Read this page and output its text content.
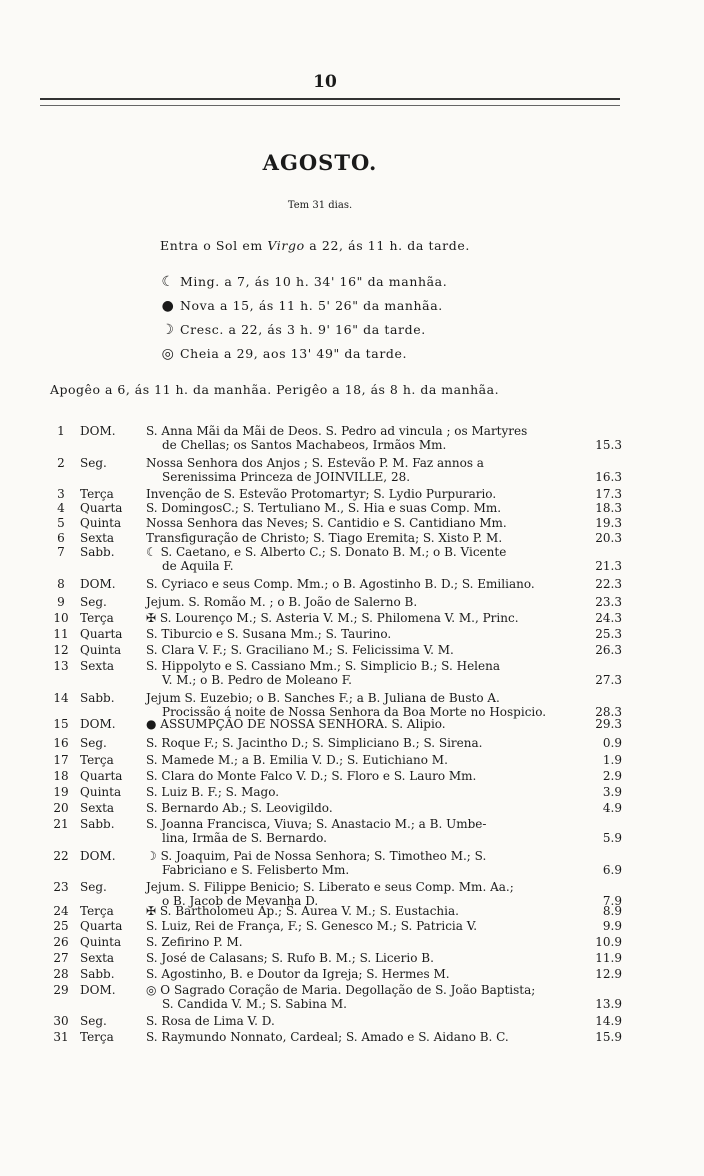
10
AGOSTO.
Tem 31 dias.
Entra o Sol em Virgo a 22, ás 11 h. da tarde.
☾ Ming. a 7, ás 10 h. 34' 16" da manhãa.
● Nova a 15, ás 11 h. 5' 26" da manhãa.
☽ Cresc. a 22, ás 3 h. 9' 16" da tarde.
◎ Cheia a 29, aos 13' 49" da tarde.
Apogêo a 6, ás 11 h. da manhãa. Perigêo a 18, ás 8 h. da manhãa.
1	DOM.	S. Anna Mãi da Mãi de Deos. S. Pedro ad vincula ; os Martyres
de Chellas; os Santos Machabeos, Irmãos Mm.	15.3
2	Seg.	Nossa Senhora dos Anjos ; S. Estevão P. M. Faz annos a
Serenissima Princeza de JOINVILLE, 28.	16.3
3	Terça	Invenção de S. Estevão Protomartyr; S. Lydio Purpurario.	17.3
4	Quarta	S. DomingosC.; S. Tertuliano M., S. Hia e suas Comp. Mm.	18.3
5	Quinta	Nossa Senhora das Neves; S. Cantidio e S. Cantidiano Mm.	19.3
6	Sexta	Transfiguração de Christo; S. Tiago Eremita; S. Xisto P. M.	20.3
7	Sabb.	☾ S. Caetano, e S. Alberto C.; S. Donato B. M.; o B. Vicente
de Aquila F.	21.3
8	DOM.	S. Cyriaco e seus Comp. Mm.; o B. Agostinho B. D.; S. Emiliano.	22.3
9	Seg.	Jejum. S. Romão M. ; o B. João de Salerno B.	23.3
10 Terça	✠ S. Lourenço M.; S. Asteria V. M.; S. Philomena V. M., Princ.	24.3
11 Quarta	S. Tiburcio e S. Susana Mm.; S. Taurino.	25.3
12 Quinta	S. Clara V. F.; S. Graciliano M.; S. Felicissima V. M.	26.3
13 Sexta	S. Hippolyto e S. Cassiano Mm.; S. Simplicio B.; S. Helena
V. M.; o B. Pedro de Moleano F.	27.3
14 Sabb.	Jejum S. Euzebio; o B. Sanches F.; a B. Juliana de Busto A.
Procissão á noite de Nossa Senhora da Boa Morte no Hospicio.	28.3
15 DOM.	● ASSUMPÇÃO DE NOSSA SENHORA. S. Alipio.	29.3
16 Seg.	S. Roque F.; S. Jacintho D.; S. Simpliciano B.; S. Sirena.	0.9
17 Terça	S. Mamede M.; a B. Emilia V. D.; S. Eutichiano M.	1.9
18 Quarta	S. Clara do Monte Falco V. D.; S. Floro e S. Lauro Mm.	2.9
19 Quinta	S. Luiz B. F.; S. Mago.	3.9
20 Sexta	S. Bernardo Ab.; S. Leovigildo.	4.9
21 Sabb.	S. Joanna Francisca, Viuva; S. Anastacio M.; a B. Umbe-
lina, Irmãa de S. Bernardo.	5.9
22 DOM.	☽ S. Joaquim, Pai de Nossa Senhora; S. Timotheo M.; S.
Fabriciano e S. Felisberto Mm.	6.9
23 Seg.	Jejum. S. Filippe Benicio; S. Liberato e seus Comp. Mm. Aa.;
o B. Jacob de Mevanha D.	7.9
24 Terça	✠ S. Bartholomeu Ap.; S. Aurea V. M.; S. Eustachia.	8.9
25 Quarta	S. Luiz, Rei de França, F.; S. Genesco M.; S. Patricia V.	9.9
26 Quinta	S. Zefirino P. M.	10.9
27 Sexta	S. José de Calasans; S. Rufo B. M.; S. Licerio B.	11.9
28 Sabb.	S. Agostinho, B. e Doutor da Igreja; S. Hermes M.	12.9
29 DOM.	◎ O Sagrado Coração de Maria. Degollação de S. João Baptista;
S. Candida V. M.; S. Sabina M.	13.9
30 Seg.	S. Rosa de Lima V. D.	14.9
31 Terça	S. Raymundo Nonnato, Cardeal; S. Amado e S. Aidano B. C.	15.9
